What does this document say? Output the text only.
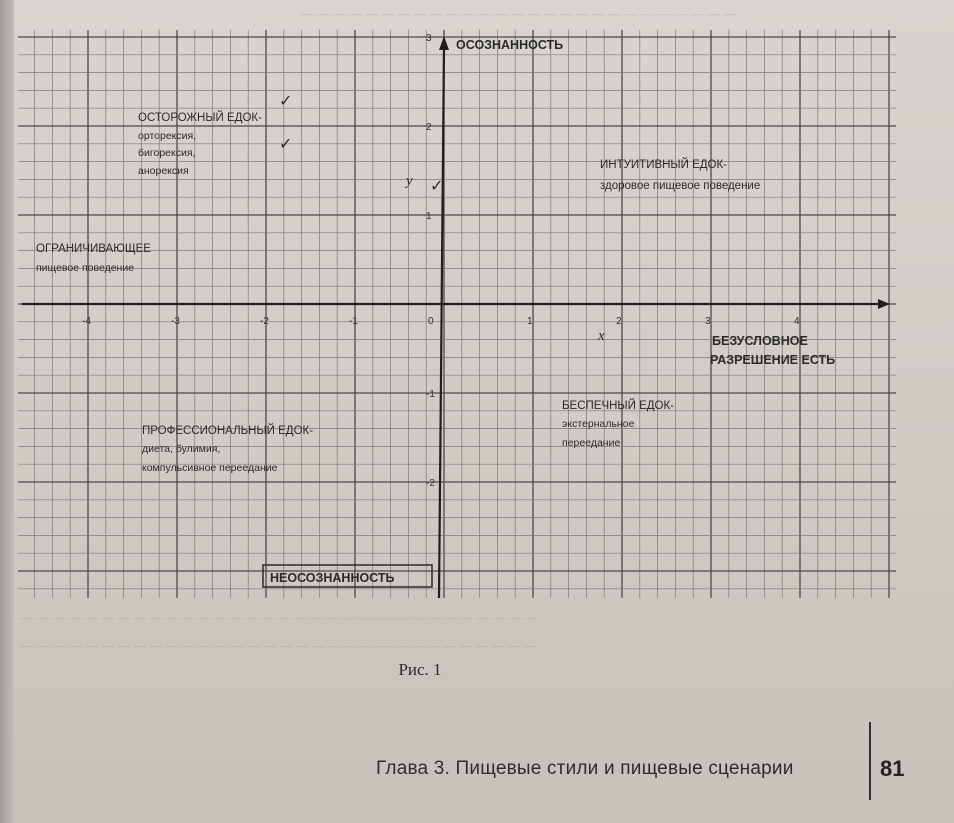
— — — — — — — — — — — — — — — — — — — — — — — — — — —
— — — — — — — — — — — — — — — — — — — — — — — — — — — — — — — —
— — — — — — — — — — — — — — — — — — — — — — — — — — — — — — — —
-4	-3	-2	-1	1	2	3	4
3
2
1
-1
-2
0
x
y
ОСОЗНАННОСТЬ
НЕОСОЗНАННОСТЬ
БЕЗУСЛОВНОЕ
РАЗРЕШЕНИЕ ЕСТЬ
ОСТОРОЖНЫЙ ЕДОК-
орторексия,
бигорексия,
анорексия	ИНТУИТИВНЫЙ ЕДОК-
здоровое пищевое поведение
ОГРАНИЧИВАЮЩЕЕ
пищевое поведение
ПРОФЕССИОНАЛЬНЫЙ ЕДОК-
диета, булимия,
компульсивное переедание
БЕСПЕЧНЫЙ ЕДОК-
экстернальное
переедание
✓
✓
✓
Рис. 1
Глава 3. Пищевые стили и пищевые сценарии	81
